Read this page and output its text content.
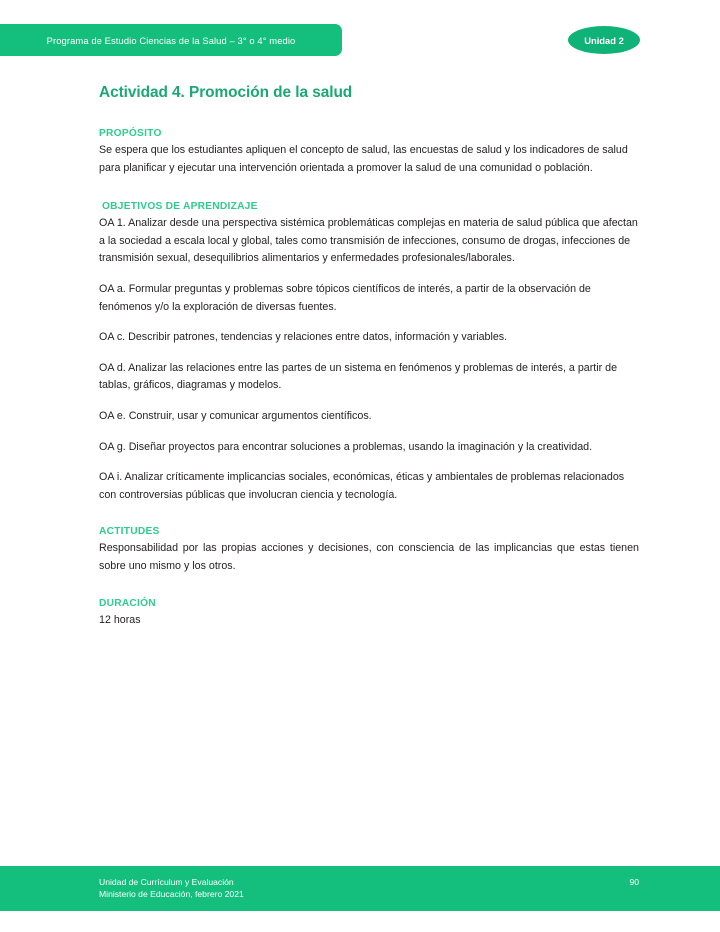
Programa de Estudio Ciencias de la Salud – 3° o 4° medio	Unidad 2
Actividad 4. Promoción de la salud
PROPÓSITO

Se espera que los estudiantes apliquen el concepto de salud, las encuestas de salud y los indicadores de salud para planificar y ejecutar una intervención orientada a promover la salud de una comunidad o población.

OBJETIVOS DE APRENDIZAJE

OA 1. Analizar desde una perspectiva sistémica problemáticas complejas en materia de salud pública que afectan a la sociedad a escala local y global, tales como transmisión de infecciones, consumo de drogas, infecciones de transmisión sexual, desequilibrios alimentarios y enfermedades profesionales/laborales.

OA a. Formular preguntas y problemas sobre tópicos científicos de interés, a partir de la observación de fenómenos y/o la exploración de diversas fuentes.

OA c. Describir patrones, tendencias y relaciones entre datos, información y variables.

OA d. Analizar las relaciones entre las partes de un sistema en fenómenos y problemas de interés, a partir de tablas, gráficos, diagramas y modelos.

OA e. Construir, usar y comunicar argumentos científicos.

OA g. Diseñar proyectos para encontrar soluciones a problemas, usando la imaginación y la creatividad.

OA i. Analizar críticamente implicancias sociales, económicas, éticas y ambientales de problemas relacionados con controversias públicas que involucran ciencia y tecnología.

ACTITUDES

Responsabilidad por las propias acciones y decisiones, con consciencia de las implicancias que estas tienen sobre uno mismo y los otros.

DURACIÓN

12 horas

Unidad de Currículum y Evaluación
Ministerio de Educación, febrero 2021
90
